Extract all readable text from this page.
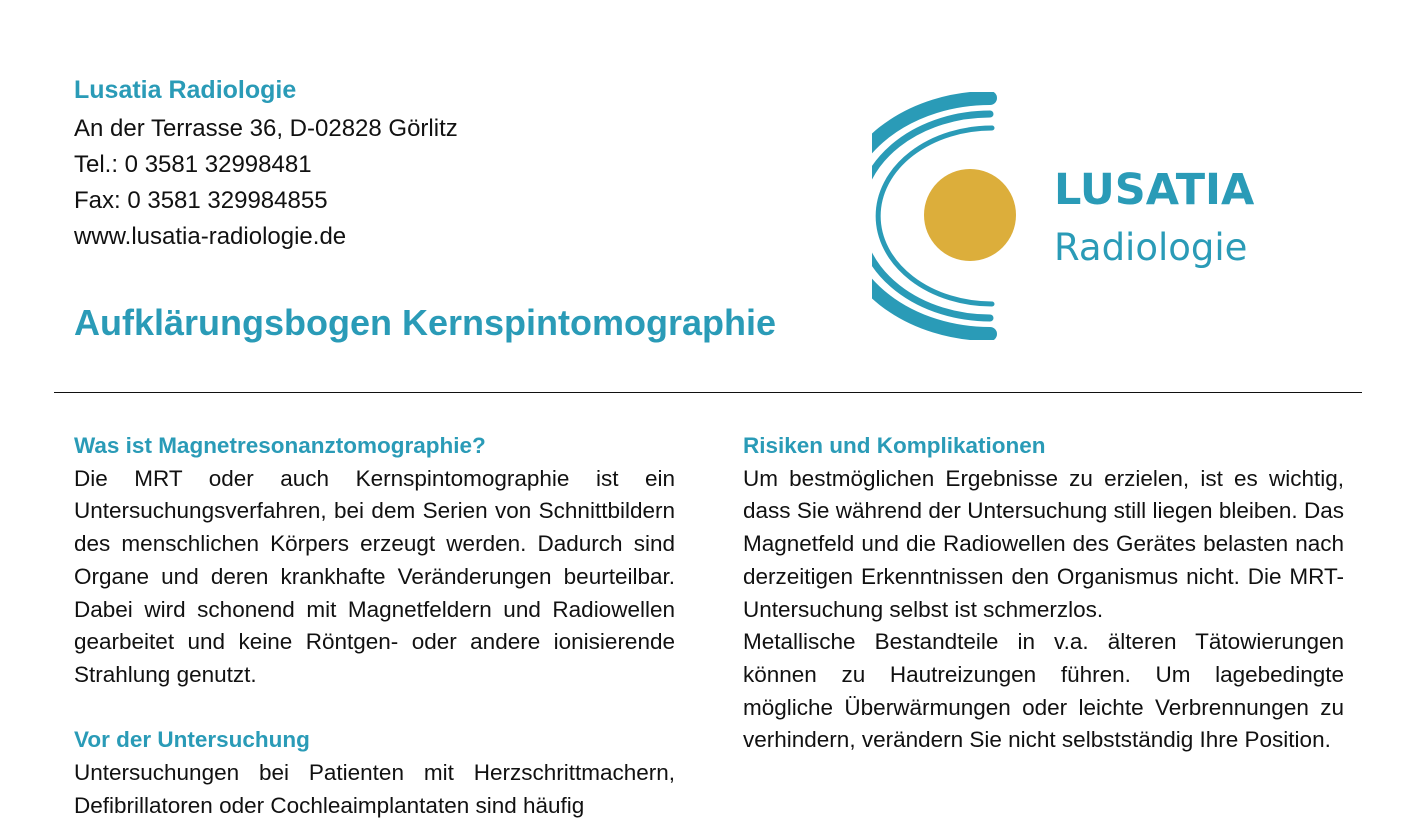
Lusatia Radiologie
An der Terrasse 36, D-02828 Görlitz
Tel.: 0 3581 32998481
Fax: 0 3581 329984855
www.lusatia-radiologie.de
LUSATIA
Radiologie
Aufklärungsbogen Kernspintomographie
Was ist Magnetresonanztomographie?

Die MRT oder auch Kernspintomographie ist ein Untersuchungsverfahren, bei dem Serien von Schnittbildern des menschlichen Körpers erzeugt werden. Dadurch sind Organe und deren krankhafte Veränderungen beurteilbar. Dabei wird schonend mit Magnetfeldern und Radiowellen gearbeitet und keine Röntgen- oder andere ionisierende Strahlung genutzt.

Vor der Untersuchung

Untersuchungen bei Patienten mit Herzschrittmachern, Defibrillatoren oder Cochleaimplantaten sind häufig

Risiken und Komplikationen

Um bestmöglichen Ergebnisse zu erzielen, ist es wichtig, dass Sie während der Untersuchung still liegen bleiben. Das Magnetfeld und die Radiowellen des Gerätes belasten nach derzeitigen Erkenntnissen den Organismus nicht. Die MRT-Untersuchung selbst ist schmerzlos.

Metallische Bestandteile in v.a. älteren Tätowierungen können zu Hautreizungen führen. Um lagebedingte mögliche Überwärmungen oder leichte Verbrennungen zu verhindern, verändern Sie nicht selbstständig Ihre Position.
